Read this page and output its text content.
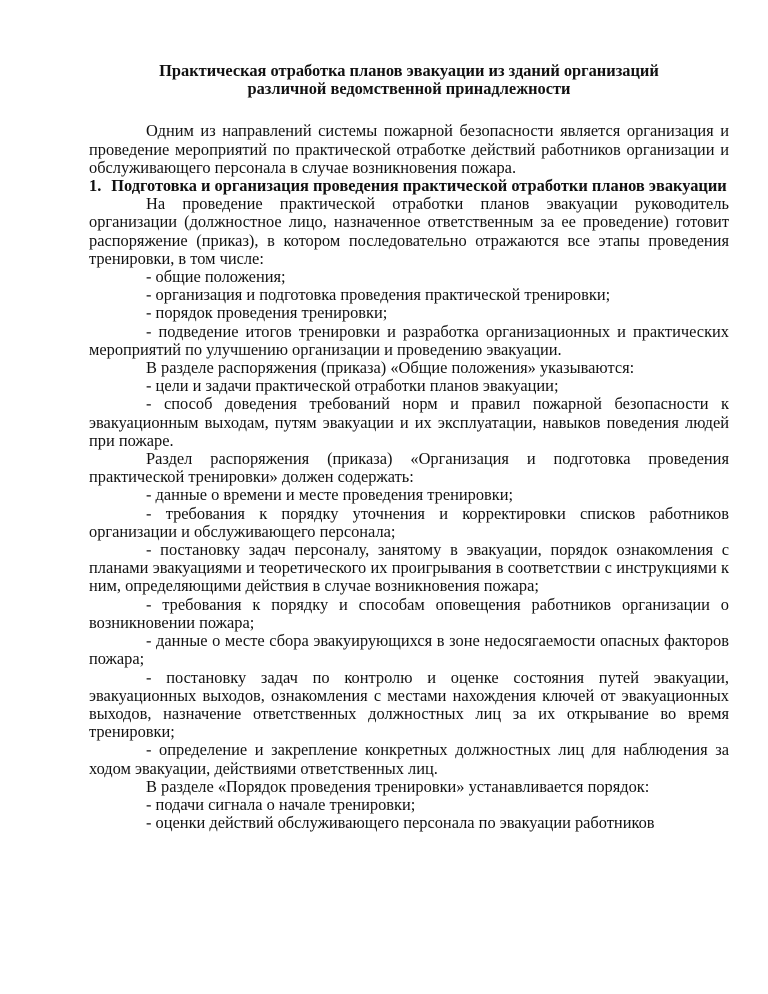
Практическая отработка планов эвакуации из зданий организаций

различной ведомственной принадлежности

Одним из направлений системы пожарной безопасности является организация и проведение мероприятий по практической отработке действий работников организации и обслуживающего персонала в случае возникновения пожара.

1. Подготовка и организация проведения практической отработки планов эвакуации

На проведение практической отработки планов эвакуации руководитель организации (должностное лицо, назначенное ответственным за ее проведение) готовит распоряжение (приказ), в котором последовательно отражаются все этапы проведения тренировки, в том числе:

- общие положения;

- организация и подготовка проведения практической тренировки;

- порядок проведения тренировки;

- подведение итогов тренировки и разработка организационных и практических мероприятий по улучшению организации и проведению эвакуации.

В разделе распоряжения (приказа) «Общие положения» указываются:

- цели и задачи практической отработки планов эвакуации;

- способ доведения требований норм и правил пожарной безопасности к эвакуационным выходам, путям эвакуации и их эксплуатации, навыков поведения людей при пожаре.

Раздел распоряжения (приказа) «Организация и подготовка проведения практической тренировки» должен содержать:

- данные о времени и месте проведения тренировки;

- требования к порядку уточнения и корректировки списков работников организации и обслуживающего персонала;

- постановку задач персоналу, занятому в эвакуации, порядок ознакомления с планами эвакуациями и теоретического их проигрывания в соответствии с инструкциями к ним, определяющими действия в случае возникновения пожара;

- требования к порядку и способам оповещения работников организации о возникновении пожара;

- данные о месте сбора эвакуирующихся в зоне недосягаемости опасных факторов пожара;

- постановку задач по контролю и оценке состояния путей эвакуации, эвакуационных выходов, ознакомления с местами нахождения ключей от эвакуационных выходов, назначение ответственных должностных лиц за их открывание во время тренировки;

- определение и закрепление конкретных должностных лиц для наблюдения за ходом эвакуации, действиями ответственных лиц.

В разделе «Порядок проведения тренировки» устанавливается порядок:

- подачи сигнала о начале тренировки;

- оценки действий обслуживающего персонала по эвакуации работников
